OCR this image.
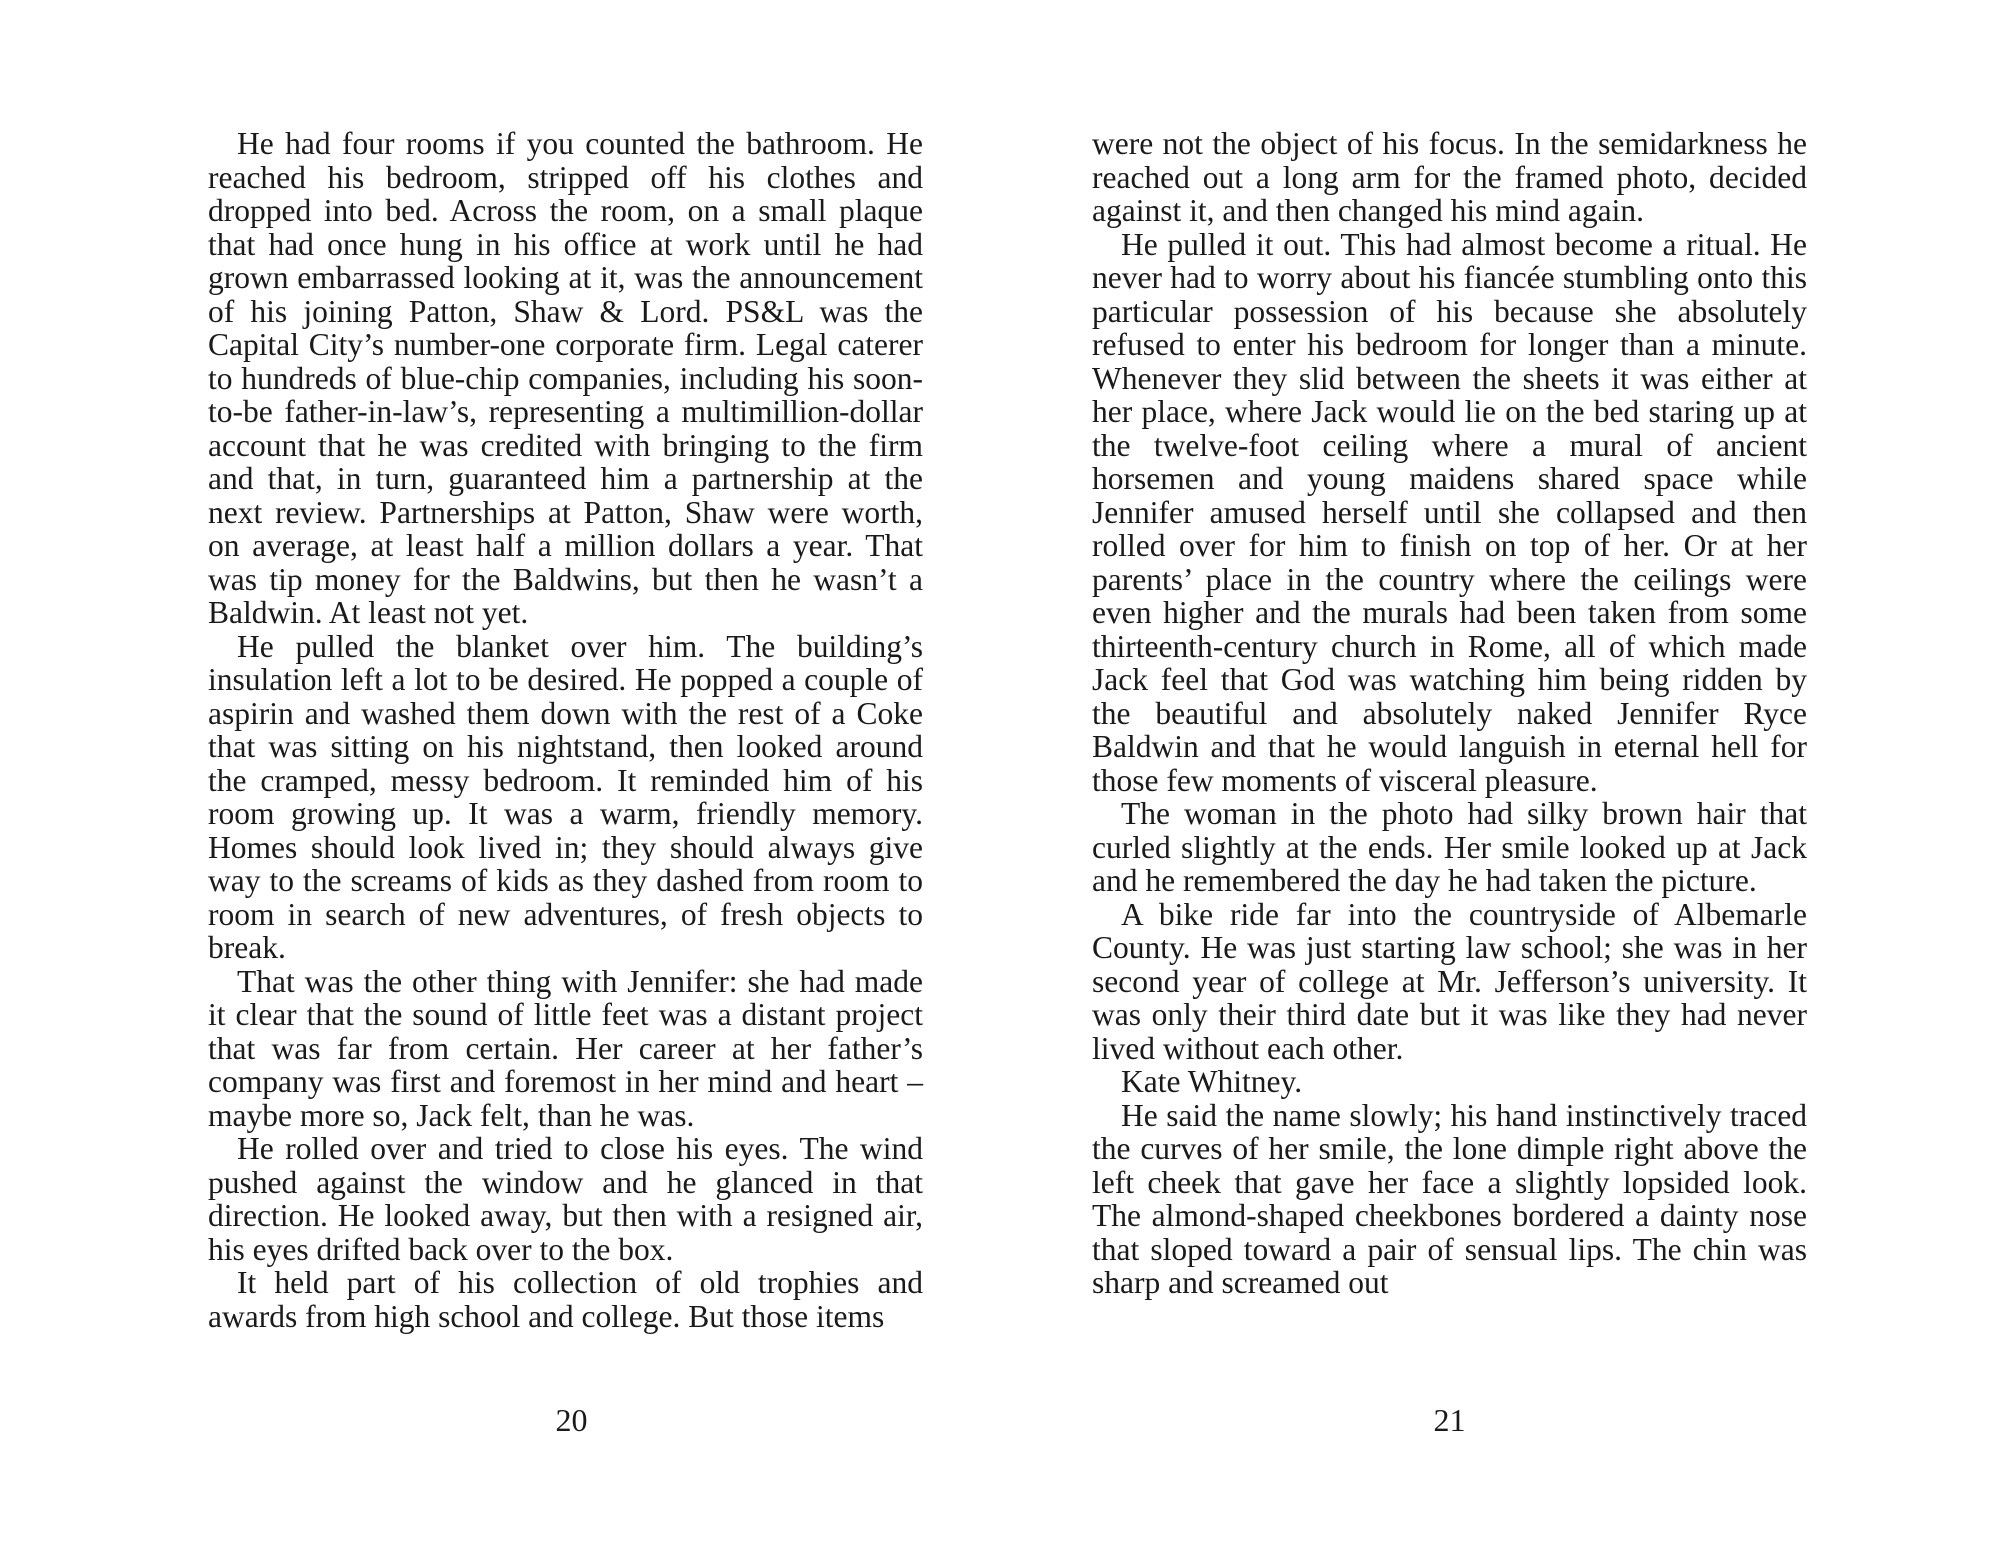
He had four rooms if you counted the bathroom. He reached his bedroom, stripped off his clothes and dropped into bed. Across the room, on a small plaque that had once hung in his office at work until he had grown embarrassed looking at it, was the announcement of his joining Patton, Shaw & Lord. PS&L was the Capital City’s number-one corporate firm. Legal caterer to hundreds of blue-chip companies, including his soon-to-be father-in-law’s, representing a multimillion-dollar account that he was credited with bringing to the firm and that, in turn, guaranteed him a partnership at the next review. Partnerships at Patton, Shaw were worth, on average, at least half a million dollars a year. That was tip money for the Baldwins, but then he wasn’t a Baldwin. At least not yet.

He pulled the blanket over him. The building’s insulation left a lot to be desired. He popped a couple of aspirin and washed them down with the rest of a Coke that was sitting on his nightstand, then looked around the cramped, messy bedroom. It reminded him of his room growing up. It was a warm, friendly memory. Homes should look lived in; they should always give way to the screams of kids as they dashed from room to room in search of new adventures, of fresh objects to break.

That was the other thing with Jennifer: she had made it clear that the sound of little feet was a distant project that was far from certain. Her career at her father’s company was first and foremost in her mind and heart – maybe more so, Jack felt, than he was.

He rolled over and tried to close his eyes. The wind pushed against the window and he glanced in that direction. He looked away, but then with a resigned air, his eyes drifted back over to the box.

It held part of his collection of old trophies and awards from high school and college. But those items

20

were not the object of his focus. In the semidarkness he reached out a long arm for the framed photo, decided against it, and then changed his mind again.

He pulled it out. This had almost become a ritual. He never had to worry about his fiancée stumbling onto this particular possession of his because she absolutely refused to enter his bedroom for longer than a minute. Whenever they slid between the sheets it was either at her place, where Jack would lie on the bed staring up at the twelve-foot ceiling where a mural of ancient horsemen and young maidens shared space while Jennifer amused herself until she collapsed and then rolled over for him to finish on top of her. Or at her parents’ place in the country where the ceilings were even higher and the murals had been taken from some thirteenth-century church in Rome, all of which made Jack feel that God was watching him being ridden by the beautiful and absolutely naked Jennifer Ryce Baldwin and that he would languish in eternal hell for those few moments of visceral pleasure.

The woman in the photo had silky brown hair that curled slightly at the ends. Her smile looked up at Jack and he remembered the day he had taken the picture.

A bike ride far into the countryside of Albemarle County. He was just starting law school; she was in her second year of college at Mr. Jefferson’s university. It was only their third date but it was like they had never lived without each other.

Kate Whitney.

He said the name slowly; his hand instinctively traced the curves of her smile, the lone dimple right above the left cheek that gave her face a slightly lopsided look. The almond-shaped cheekbones bordered a dainty nose that sloped toward a pair of sensual lips. The chin was sharp and screamed out

21
